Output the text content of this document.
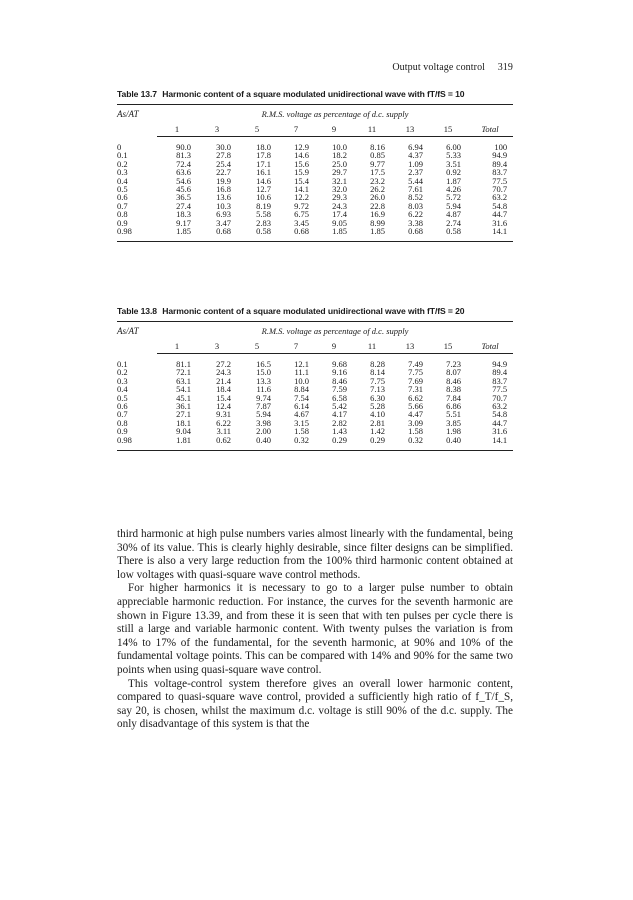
Output voltage control 319
Table 13.7 Harmonic content of a square modulated unidirectional wave with fT/fS = 10
As/AT	R.M.S. voltage as percentage of d.c. supply								
	1	3	5	7	9	11	13	15	Total

0	90.0	30.0	18.0	12.9	10.0	8.16	6.94	6.00	100
0.1	81.3	27.8	17.8	14.6	18.2	0.85	4.37	5.33	94.9
0.2	72.4	25.4	17.1	15.6	25.0	9.77	1.09	3.51	89.4
0.3	63.6	22.7	16.1	15.9	29.7	17.5	2.37	0.92	83.7
0.4	54.6	19.9	14.6	15.4	32.1	23.2	5.44	1.87	77.5
0.5	45.6	16.8	12.7	14.1	32.0	26.2	7.61	4.26	70.7
0.6	36.5	13.6	10.6	12.2	29.3	26.0	8.52	5.72	63.2
0.7	27.4	10.3	8.19	9.72	24.3	22.8	8.03	5.94	54.8
0.8	18.3	6.93	5.58	6.75	17.4	16.9	6.22	4.87	44.7
0.9	9.17	3.47	2.83	3.45	9.05	8.99	3.38	2.74	31.6
0.98	1.85	0.68	0.58	0.68	1.85	1.85	0.68	0.58	14.1

Table 13.8 Harmonic content of a square modulated unidirectional wave with fT/fS = 20
As/AT	R.M.S. voltage as percentage of d.c. supply								
	1	3	5	7	9	11	13	15	Total

0.1	81.1	27.2	16.5	12.1	9.68	8.28	7.49	7.23	94.9
0.2	72.1	24.3	15.0	11.1	9.16	8.14	7.75	8.07	89.4
0.3	63.1	21.4	13.3	10.0	8.46	7.75	7.69	8.46	83.7
0.4	54.1	18.4	11.6	8.84	7.59	7.13	7.31	8.38	77.5
0.5	45.1	15.4	9.74	7.54	6.58	6.30	6.62	7.84	70.7
0.6	36.1	12.4	7.87	6.14	5.42	5.28	5.66	6.86	63.2
0.7	27.1	9.31	5.94	4.67	4.17	4.10	4.47	5.51	54.8
0.8	18.1	6.22	3.98	3.15	2.82	2.81	3.09	3.85	44.7
0.9	9.04	3.11	2.00	1.58	1.43	1.42	1.58	1.98	31.6
0.98	1.81	0.62	0.40	0.32	0.29	0.29	0.32	0.40	14.1

third harmonic at high pulse numbers varies almost linearly with the fundamental, being 30% of its value. This is clearly highly desirable, since filter designs can be simplified. There is also a very large reduction from the 100% third harmonic content obtained at low voltages with quasi-square wave control methods.

For higher harmonics it is necessary to go to a larger pulse number to obtain appreciable harmonic reduction. For instance, the curves for the seventh harmonic are shown in Figure 13.39, and from these it is seen that with ten pulses per cycle there is still a large and variable harmonic content. With twenty pulses the variation is from 14% to 17% of the fundamental, for the seventh harmonic, at 90% and 10% of the fundamental voltage points. This can be compared with 14% and 90% for the same two points when using quasi-square wave control.

This voltage-control system therefore gives an overall lower harmonic content, compared to quasi-square wave control, provided a sufficiently high ratio of f_T/f_S, say 20, is chosen, whilst the maximum d.c. voltage is still 90% of the d.c. supply. The only disadvantage of this system is that the
